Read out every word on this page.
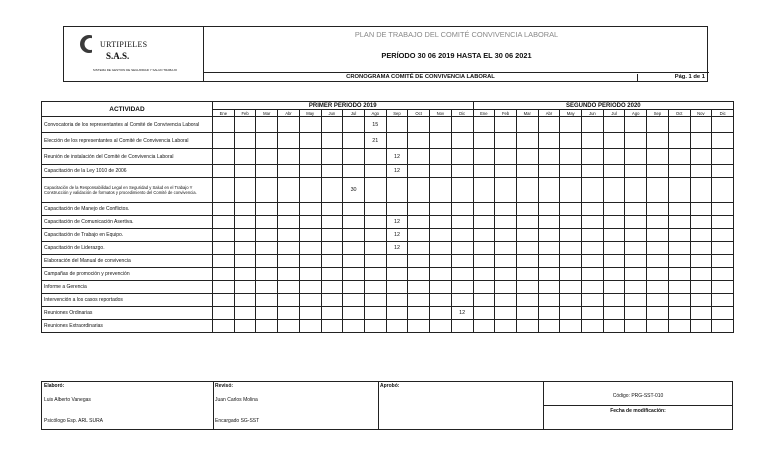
URTIPIELES
S.A.S.
SISTEMA DE GESTION DE SEGURIDAD Y SALUD TRABAJO
PLAN DE TRABAJO DEL COMITÉ CONVIVENCIA LABORAL
PERÍODO 30 06 2019 HASTA EL 30 06 2021
CRONOGRAMA COMITÉ DE CONVIVENCIA LABORAL	Pág. 1 de 1
ACTIVIDAD	PRIMER PERIODO 2019												SEGUNDO PERIODO 2020											
	Ene	Feb	Mar	Abr	May	Jun	Jul	Ago	Sep	Oct	Nov	Dic	Ene	Feb	Mar	Abr	May	Jun	Jul	Ago	Sep	Oct	Nov	Dic
Convocatoria de los representantes al Comité de Convivencia Laboral								15																
Elección de los representantes al Comité de Convivencia Laboral								21																
Reunión de instalación del Comité de Convivencia Laboral									12															
Capacitación de la Ley 1010 de 2006									12															
Capacitación de la Responsabilidad Legal en Seguridad y Salud en el Trabajo Y Construcción y validación de formatos y procedimiento del Comité de convivencia.							30																	
Capacitación de Manejo de Conflictos.																								
Capacitación de Comunicación Asertiva.									12															
Capacitación de Trabajo en Equipo.									12															
Capacitación de Liderazgo.									12															
Elaboración del Manual de convivencia																								
Campañas de promoción y prevención																								
Informe a Gerencia																								
Intervención a los casos reportados																								
Reuniones Ordinarias												12												
Reuniones Extraordinarias																								
Elaboró:
Luis Alberto Vanegas
Psicólogo Esp. ARL SURA
Revisó:
Juan Carlos Molina
Encargado SG-SST
Aprobó:
Código: PRG-SST-010
Fecha de modificación:
